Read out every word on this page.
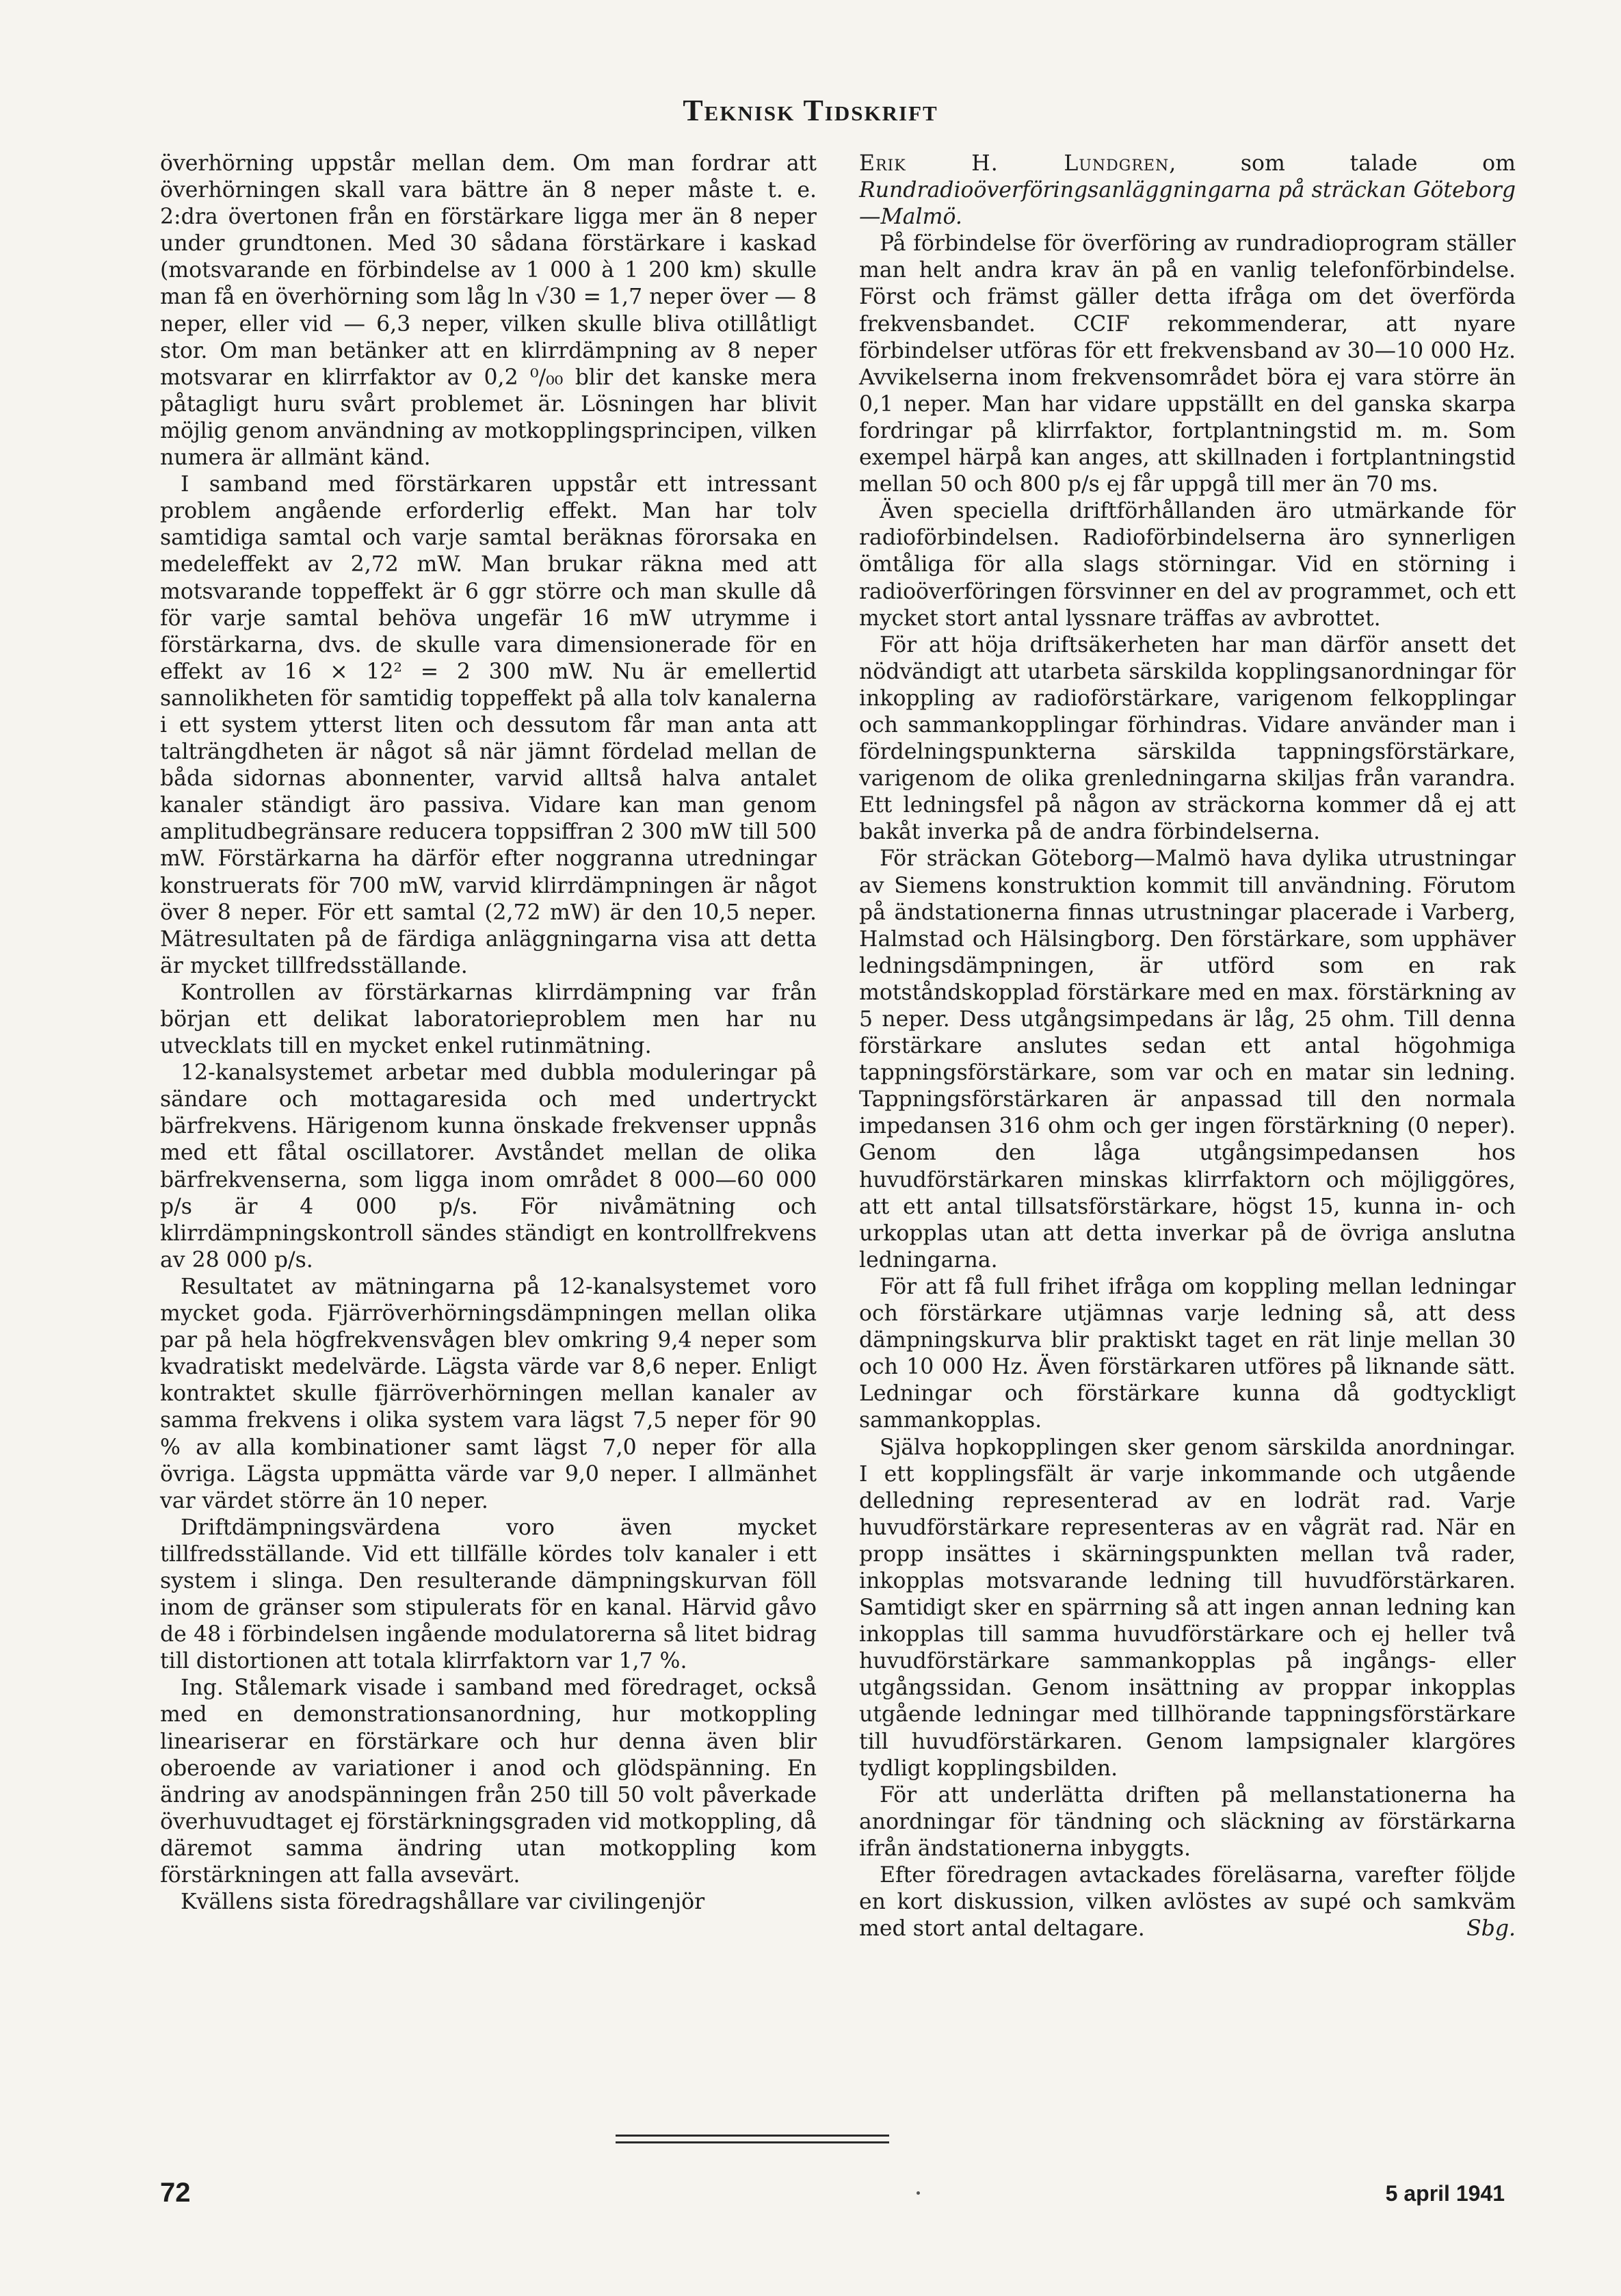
Teknisk Tidskrift

överhörning uppstår mellan dem. Om man fordrar att överhörningen skall vara bättre än 8 neper måste t. e. 2:dra övertonen från en förstärkare ligga mer än 8 neper under grundtonen. Med 30 sådana förstärkare i kaskad (motsvarande en förbindelse av 1 000 à 1 200 km) skulle man få en överhörning som låg ln √30 = 1,7 neper över — 8 neper, eller vid — 6,3 neper, vilken skulle bliva otillåtligt stor. Om man betänker att en klirrdämpning av 8 neper motsvarar en klirrfaktor av 0,2 ⁰/₀₀ blir det kanske mera påtagligt huru svårt problemet är. Lösningen har blivit möjlig genom användning av motkopplingsprincipen, vilken numera är allmänt känd.

I samband med förstärkaren uppstår ett intressant problem angående erforderlig effekt. Man har tolv samtidiga samtal och varje samtal beräknas förorsaka en medeleffekt av 2,72 mW. Man brukar räkna med att motsvarande toppeffekt är 6 ggr större och man skulle då för varje samtal behöva ungefär 16 mW utrymme i förstärkarna, dvs. de skulle vara dimensionerade för en effekt av 16 × 12² = 2 300 mW. Nu är emellertid sannolikheten för samtidig toppeffekt på alla tolv kanalerna i ett system ytterst liten och dessutom får man anta att talträngdheten är något så när jämnt fördelad mellan de båda sidornas abonnenter, varvid alltså halva antalet kanaler ständigt äro passiva. Vidare kan man genom amplitudbegränsare reducera toppsiffran 2 300 mW till 500 mW. Förstärkarna ha därför efter noggranna utredningar konstruerats för 700 mW, varvid klirrdämpningen är något över 8 neper. För ett samtal (2,72 mW) är den 10,5 neper. Mätresultaten på de färdiga anläggningarna visa att detta är mycket tillfredsställande.

Kontrollen av förstärkarnas klirrdämpning var från början ett delikat laboratorieproblem men har nu utvecklats till en mycket enkel rutinmätning.

12-kanalsystemet arbetar med dubbla moduleringar på sändare och mottagaresida och med undertryckt bärfrekvens. Härigenom kunna önskade frekvenser uppnås med ett fåtal oscillatorer. Avståndet mellan de olika bärfrekvenserna, som ligga inom området 8 000—60 000 p/s är 4 000 p/s. För nivåmätning och klirrdämpningskontroll sändes ständigt en kontrollfrekvens av 28 000 p/s.

Resultatet av mätningarna på 12-kanalsystemet voro mycket goda. Fjärröverhörningsdämpningen mellan olika par på hela högfrekvensvågen blev omkring 9,4 neper som kvadratiskt medelvärde. Lägsta värde var 8,6 neper. Enligt kontraktet skulle fjärröverhörningen mellan kanaler av samma frekvens i olika system vara lägst 7,5 neper för 90 % av alla kombinationer samt lägst 7,0 neper för alla övriga. Lägsta uppmätta värde var 9,0 neper. I allmänhet var värdet större än 10 neper.

Driftdämpningsvärdena voro även mycket tillfredsställande. Vid ett tillfälle kördes tolv kanaler i ett system i slinga. Den resulterande dämpningskurvan föll inom de gränser som stipulerats för en kanal. Härvid gåvo de 48 i förbindelsen ingående modulatorerna så litet bidrag till distortionen att totala klirrfaktorn var 1,7 %.

Ing. Stålemark visade i samband med föredraget, också med en demonstrationsanordning, hur motkoppling lineariserar en förstärkare och hur denna även blir oberoende av variationer i anod och glödspänning. En ändring av anodspänningen från 250 till 50 volt påverkade överhuvudtaget ej förstärkningsgraden vid motkoppling, då däremot samma ändring utan motkoppling kom förstärkningen att falla avsevärt.

Kvällens sista föredragshållare var civilingenjör

Erik H. Lundgren, som talade om Rundradioöverföringsanläggningarna på sträckan Göteborg—Malmö.

På förbindelse för överföring av rundradioprogram ställer man helt andra krav än på en vanlig telefonförbindelse. Först och främst gäller detta ifråga om det överförda frekvensbandet. CCIF rekommenderar, att nyare förbindelser utföras för ett frekvensband av 30—10 000 Hz. Avvikelserna inom frekvensområdet böra ej vara större än 0,1 neper. Man har vidare uppställt en del ganska skarpa fordringar på klirrfaktor, fortplantningstid m. m. Som exempel härpå kan anges, att skillnaden i fortplantningstid mellan 50 och 800 p/s ej får uppgå till mer än 70 ms.

Även speciella driftförhållanden äro utmärkande för radioförbindelsen. Radioförbindelserna äro synnerligen ömtåliga för alla slags störningar. Vid en störning i radioöverföringen försvinner en del av programmet, och ett mycket stort antal lyssnare träffas av avbrottet.

För att höja driftsäkerheten har man därför ansett det nödvändigt att utarbeta särskilda kopplingsanordningar för inkoppling av radioförstärkare, varigenom felkopplingar och sammankopplingar förhindras. Vidare använder man i fördelningspunkterna särskilda tappningsförstärkare, varigenom de olika grenledningarna skiljas från varandra. Ett ledningsfel på någon av sträckorna kommer då ej att bakåt inverka på de andra förbindelserna.

För sträckan Göteborg—Malmö hava dylika utrustningar av Siemens konstruktion kommit till användning. Förutom på ändstationerna finnas utrustningar placerade i Varberg, Halmstad och Hälsingborg. Den förstärkare, som upphäver ledningsdämpningen, är utförd som en rak motståndskopplad förstärkare med en max. förstärkning av 5 neper. Dess utgångsimpedans är låg, 25 ohm. Till denna förstärkare anslutes sedan ett antal högohmiga tappningsförstärkare, som var och en matar sin ledning. Tappningsförstärkaren är anpassad till den normala impedansen 316 ohm och ger ingen förstärkning (0 neper). Genom den låga utgångsimpedansen hos huvudförstärkaren minskas klirrfaktorn och möjliggöres, att ett antal tillsatsförstärkare, högst 15, kunna in- och urkopplas utan att detta inverkar på de övriga anslutna ledningarna.

För att få full frihet ifråga om koppling mellan ledningar och förstärkare utjämnas varje ledning så, att dess dämpningskurva blir praktiskt taget en rät linje mellan 30 och 10 000 Hz. Även förstärkaren utföres på liknande sätt. Ledningar och förstärkare kunna då godtyckligt sammankopplas.

Själva hopkopplingen sker genom särskilda anordningar. I ett kopplingsfält är varje inkommande och utgående delledning representerad av en lodrät rad. Varje huvudförstärkare representeras av en vågrät rad. När en propp insättes i skärningspunkten mellan två rader, inkopplas motsvarande ledning till huvudförstärkaren. Samtidigt sker en spärrning så att ingen annan ledning kan inkopplas till samma huvudförstärkare och ej heller två huvudförstärkare sammankopplas på ingångs- eller utgångssidan. Genom insättning av proppar inkopplas utgående ledningar med tillhörande tappningsförstärkare till huvudförstärkaren. Genom lampsignaler klargöres tydligt kopplingsbilden.

För att underlätta driften på mellanstationerna ha anordningar för tändning och släckning av förstärkarna ifrån ändstationerna inbyggts.

Efter föredragen avtackades föreläsarna, varefter följde en kort diskussion, vilken avlöstes av supé och samkväm med stort antal deltagare.	Sbg.

72	5 april 1941
